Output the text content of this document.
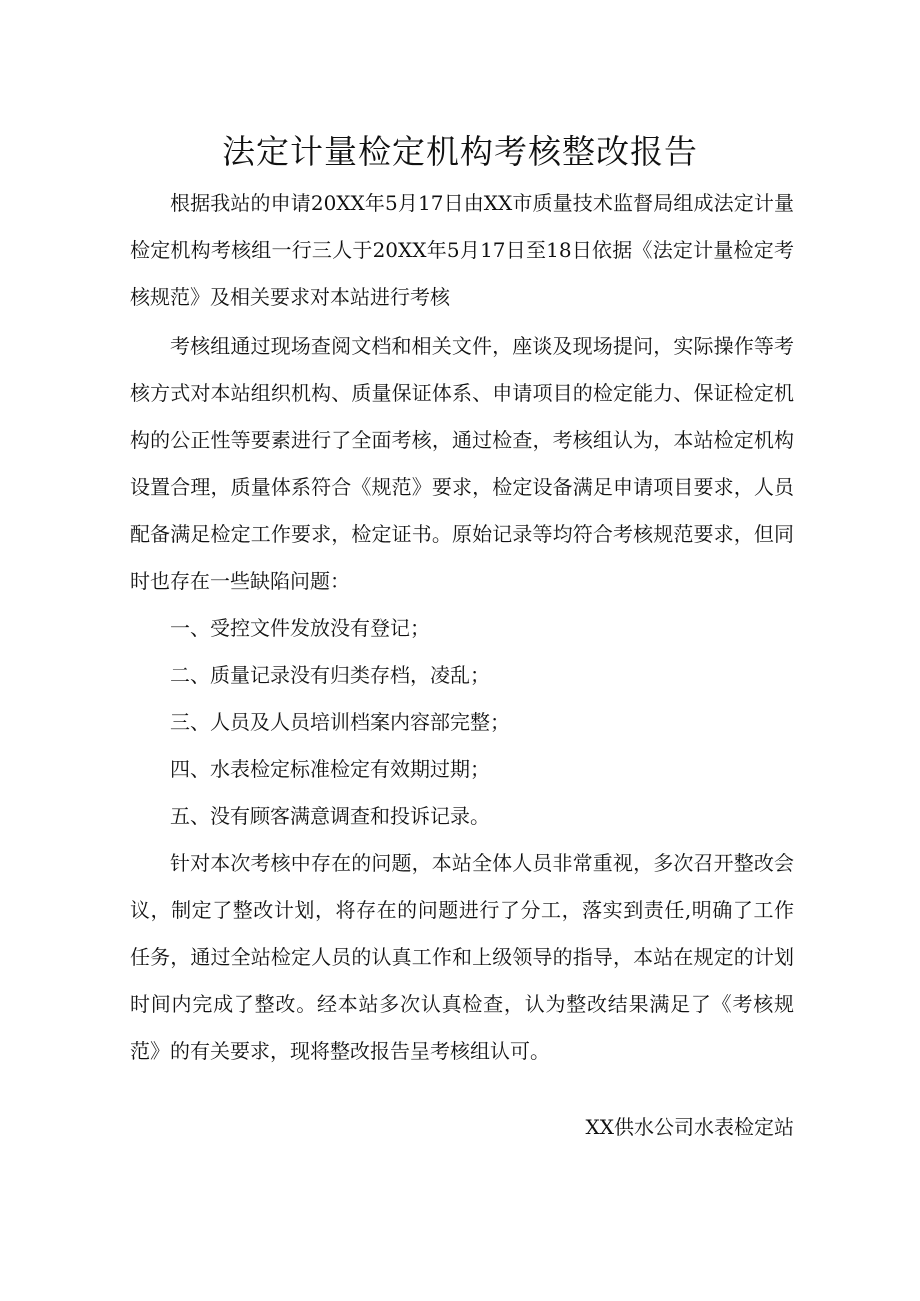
法定计量检定机构考核整改报告

根据我站的申请20XX年5月17日由XX市质量技术监督局组成法定计量检定机构考核组一行三人于20XX年5月17日至18日依据《法定计量检定考核规范》及相关要求对本站进行考核

考核组通过现场查阅文档和相关文件，座谈及现场提问，实际操作等考核方式对本站组织机构、质量保证体系、申请项目的检定能力、保证检定机构的公正性等要素进行了全面考核，通过检查，考核组认为，本站检定机构设置合理，质量体系符合《规范》要求，检定设备满足申请项目要求，人员配备满足检定工作要求，检定证书。原始记录等均符合考核规范要求，但同时也存在一些缺陷问题：

一、受控文件发放没有登记；

二、质量记录没有归类存档，凌乱；

三、人员及人员培训档案内容部完整；

四、水表检定标准检定有效期过期；

五、没有顾客满意调查和投诉记录。

针对本次考核中存在的问题，本站全体人员非常重视，多次召开整改会议，制定了整改计划，将存在的问题进行了分工，落实到责任,明确了工作任务，通过全站检定人员的认真工作和上级领导的指导，本站在规定的计划时间内完成了整改。经本站多次认真检查，认为整改结果满足了《考核规范》的有关要求，现将整改报告呈考核组认可。

XX供水公司水表检定站
